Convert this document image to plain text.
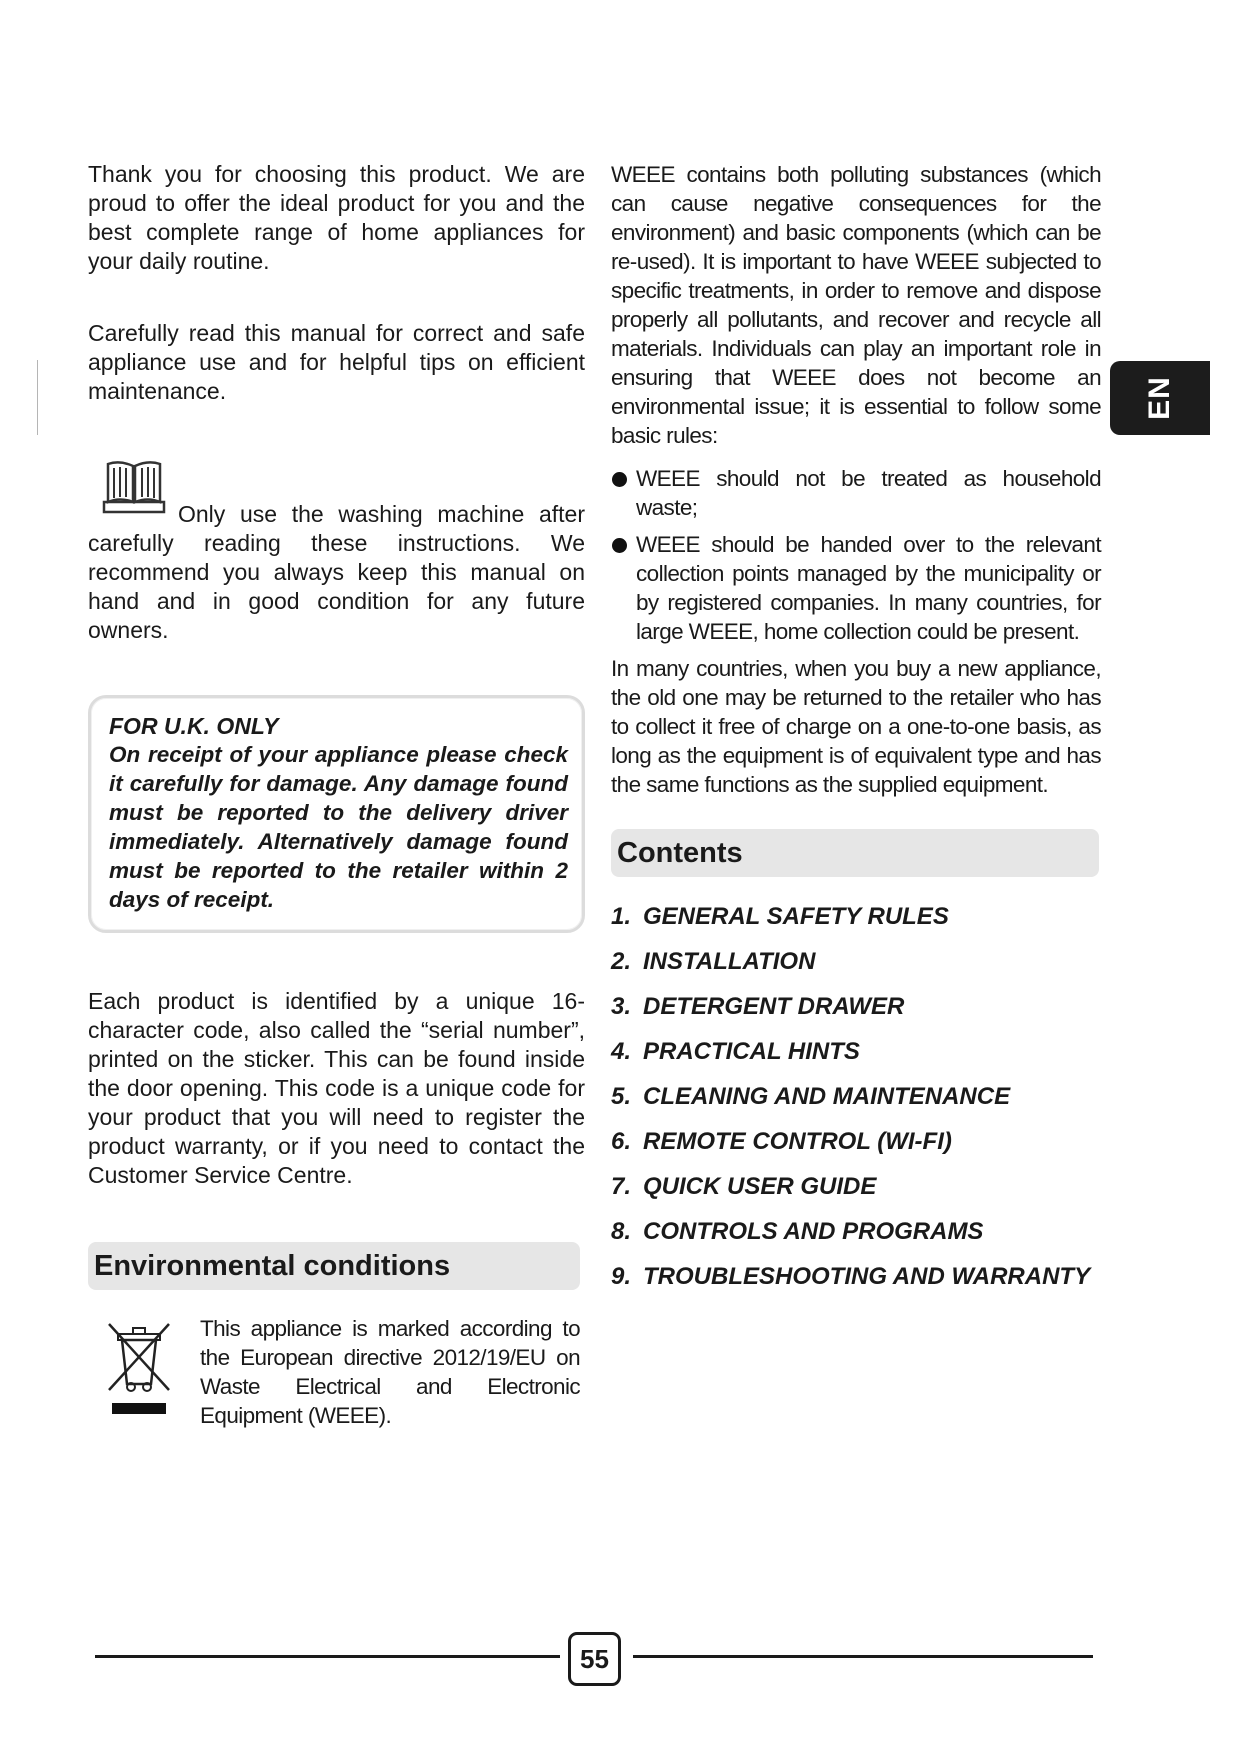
Thank you for choosing this product. We are proud to offer the ideal product for you and the best complete range of home appliances for your daily routine.

Carefully read this manual for correct and safe appliance use and for helpful tips on efficient maintenance.

Only use the washing machine after carefully reading these instructions. We recommend you always keep this manual on hand and in good condition for any future owners.

FOR U.K. ONLY

On receipt of your appliance please check it carefully for damage. Any damage found must be reported to the delivery driver immediately. Alternatively damage found must be reported to the retailer within 2 days of receipt.

Each product is identified by a unique 16-character code, also called the “serial number”, printed on the sticker. This can be found inside the door opening. This code is a unique code for your product that you will need to register the product warranty, or if you need to contact the Customer Service Centre.

Environmental conditions

This appliance is marked according to the European directive 2012/19/EU on Waste Electrical and Electronic Equipment (WEEE).

WEEE contains both polluting substances (which can cause negative consequences for the environment) and basic components (which can be re-used). It is important to have WEEE subjected to specific treatments, in order to remove and dispose properly all pollutants, and recover and recycle all materials. Individuals can play an important role in ensuring that WEEE does not become an environmental issue; it is essential to follow some basic rules:

WEEE should not be treated as household waste;
WEEE should be handed over to the relevant collection points managed by the municipality or by registered companies. In many countries, for large WEEE, home collection could be present.

In many countries, when you buy a new appliance, the old one may be returned to the retailer who has to collect it free of charge on a one-to-one basis, as long as the equipment is of equivalent type and has the same functions as the supplied equipment.

Contents
1. GENERAL SAFETY RULES
2. INSTALLATION
3. DETERGENT DRAWER
4. PRACTICAL HINTS
5. CLEANING AND MAINTENANCE
6. REMOTE CONTROL (WI-FI)
7. QUICK USER GUIDE
8. CONTROLS AND PROGRAMS
9. TROUBLESHOOTING AND WARRANTY
EN
55
